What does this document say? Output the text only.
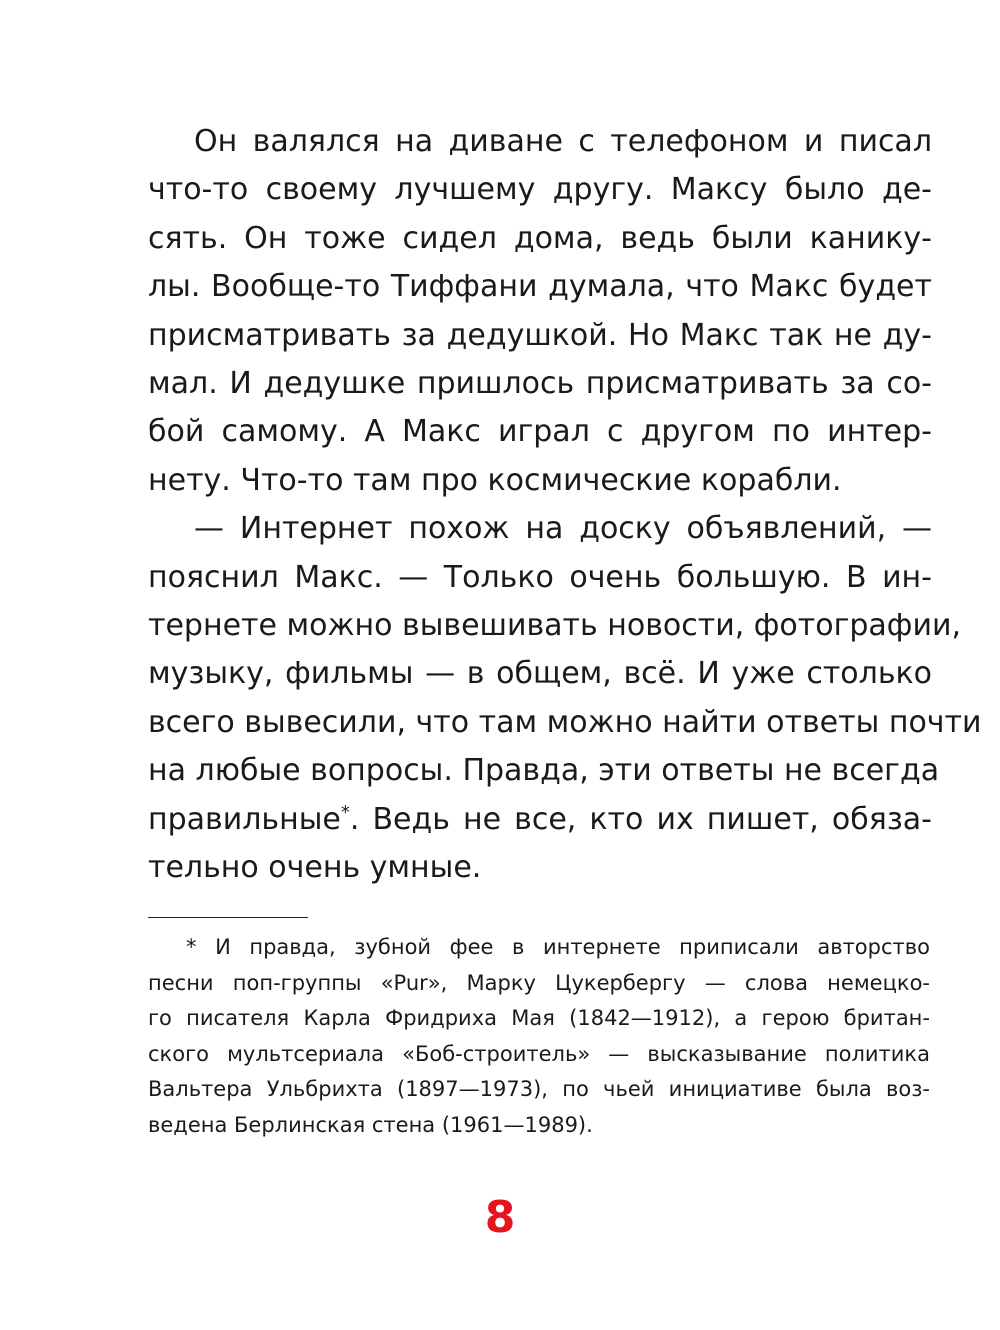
Он валялся на диване с телефоном и писал
что-то своему лучшему другу. Максу было де-
сять. Он тоже сидел дома, ведь были канику-
лы. Вообще-то Тиффани думала, что Макс будет
присматривать за дедушкой. Но Макс так не ду-
мал. И дедушке пришлось присматривать за со-
бой самому. А Макс играл с другом по интер-
нету. Что-то там про космические корабли.
— Интернет похож на доску объявлений, —
пояснил Макс. — Только очень большую. В ин-
тернете можно вывешивать новости, фотографии,
музыку, фильмы — в общем, всё. И уже столько
всего вывесили, что там можно найти ответы почти
на любые вопросы. Правда, эти ответы не всегда
правильные*. Ведь не все, кто их пишет, обяза-
тельно очень умные.
* И правда, зубной фее в интернете приписали авторство
песни поп-группы «Pur», Марку Цукербергу — слова немецко-
го писателя Карла Фридриха Мая (1842—1912), а герою британ-
ского мультсериала «Боб-строитель» — высказывание политика
Вальтера Ульбрихта (1897—1973), по чьей инициативе была воз-
ведена Берлинская стена (1961—1989).
8
